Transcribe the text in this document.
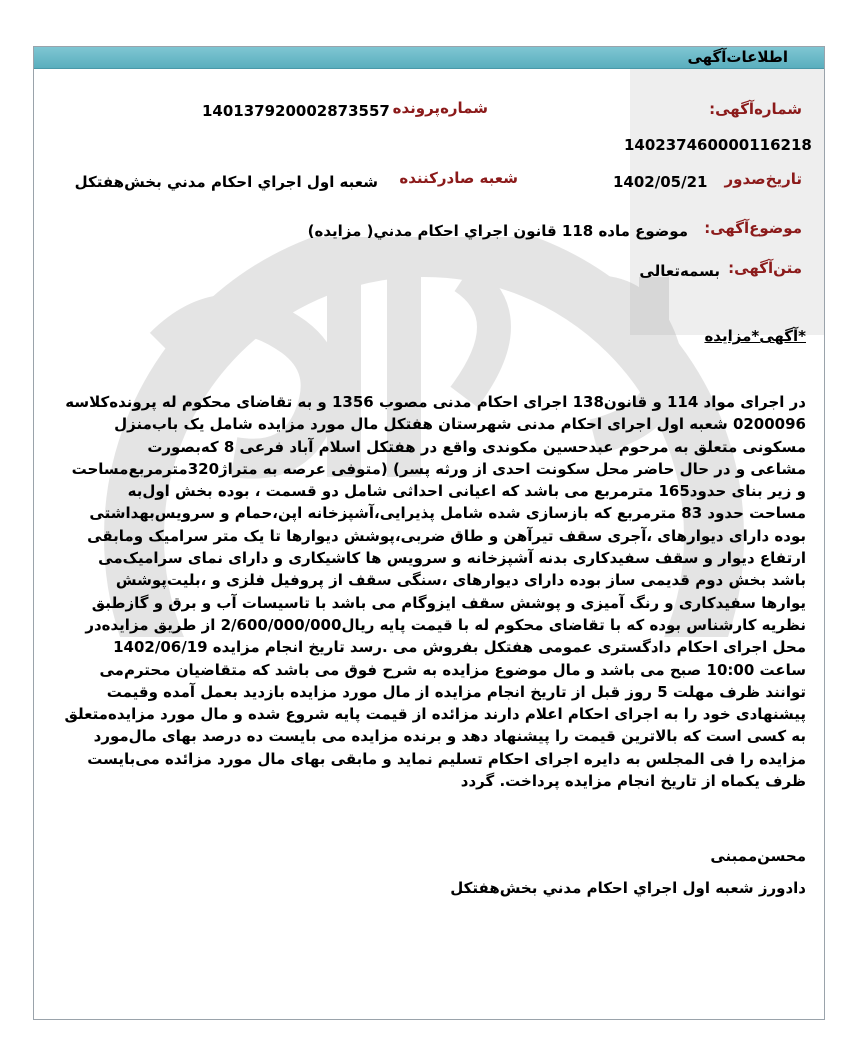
اطلاعات‌آگهی
شماره‌آگهی:
140237460000116218
تاریخ‌صدور
1402/05/21
شماره‌پرونده
14013792000287355​7
شعبه صادر‌کننده
شعبه اول اجراي احکام مدني بخش‌هفتکل
موضوع‌آگهی:
موضوع ماده 118 قانون اجراي احکام مدني( مزايده)
متن‌آگهی:
بسمه‌تعالی
*آگهی*مزایده
در اجرای مواد 114 و قانون138 اجرای احکام مدنی مصوب 1356 و به تقاضای محکوم له پرونده‌کلاسه
0200096 شعبه اول اجرای احکام مدنی شهرستان هفتکل مال مورد مزایده شامل یک باب‌منزل
مسکونی متعلق به مرحوم عبدحسین مکوندی واقع در هفتکل اسلام آباد فرعی 8 که‌بصورت
مشاعی و در حال حاضر محل سکونت احدی از ورثه پسر) (متوفی عرصه به متراژ320مترمربع‌مساحت
و زیر بنای حدود165 مترمربع می باشد که اعیانی احداثی شامل دو قسمت ، بوده بخش اول‌به
مساحت حدود 83 مترمربع که بازسازی شده شامل پذیرایی،آشپزخانه اپن،حمام و سرویس‌بهداشتی
بوده دارای دیوارهای ،آجری سقف تیرآهن و طاق ضربی،پوشش دیوارها تا یک متر سرامیک ومابقی
ارتفاع دیوار و سقف سفیدکاری بدنه آشپزخانه و سرویس ها کاشیکاری و دارای نمای سرامیک‌می
باشد بخش دوم قدیمی ساز بوده دارای دیوارهای ،سنگی سقف از پروفیل فلزی و ،بلیت‌پوشش
یوارها سفیدکاری و رنگ آمیزی و پوشش سقف ایزوگام می باشد با تاسیسات آب و برق و گازطبق
نظریه کارشناس بوده که با تقاضای محکوم له با قیمت پایه ریال2/600/000/000 از طریق مزایده‌در
محل اجرای احکام دادگستری عمومی هفتکل بفروش می .رسد تاریخ انجام مزایده 1402/06/19
ساعت 10:00 صبح می باشد و مال موضوع مزایده به شرح فوق می باشد که متقاضیان محترم‌می
توانند ظرف مهلت 5 روز قبل از تاریخ انجام مزایده از مال مورد مزایده بازدید بعمل آمده وقیمت
پیشنهادی خود را به اجرای احکام اعلام دارند مزائده از قیمت پایه شروع شده و مال مورد مزایده‌متعلق
به کسی است که بالاترین قیمت را پیشنهاد دهد و برنده مزایده می بایست ده درصد بهای مال‌مورد
مزایده را فی المجلس به دایره اجرای احکام تسلیم نماید و مابقی بهای مال مورد مزائده می‌بایست
ظرف یکماه از تاریخ انجام مزایده پرداخت. گردد
محسن‌ممبنی
دادورز شعبه اول اجراي احکام مدني بخش‌هفتکل
